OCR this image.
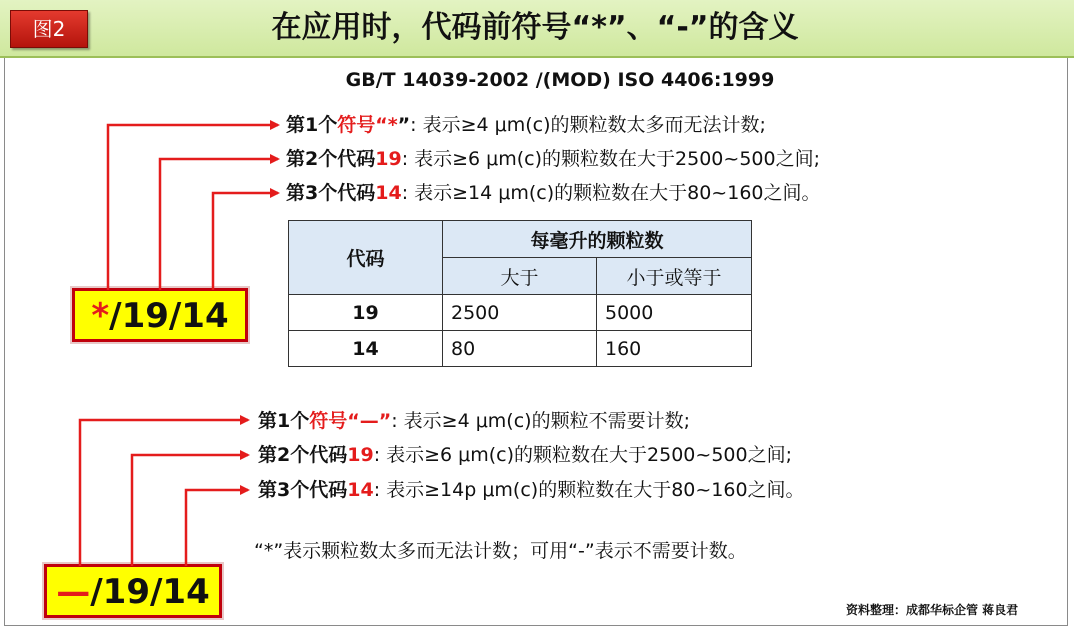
图2	在应用时，代码前符号“*”、“-”的含义
GB/T 14039-2002 /(MOD) ISO 4406:1999
第1个符号“*”: 表示≥4 μm(c)的颗粒数太多而无法计数;
第2个代码19: 表示≥6 μm(c)的颗粒数在大于2500~500之间;
第3个代码14: 表示≥14 μm(c)的颗粒数在大于80~160之间。
*/19/14
代码	每毫升的颗粒数	
	大于	小于或等于
19	2500	5000
14	80	160
第1个符号“—”: 表示≥4 μm(c)的颗粒不需要计数;
第2个代码19: 表示≥6 μm(c)的颗粒数在大于2500~500之间;
第3个代码14: 表示≥14p μm(c)的颗粒数在大于80~160之间。
—/19/14
“*”表示颗粒数太多而无法计数；可用“-”表示不需要计数。
资料整理：成都华标企管 蒋良君
